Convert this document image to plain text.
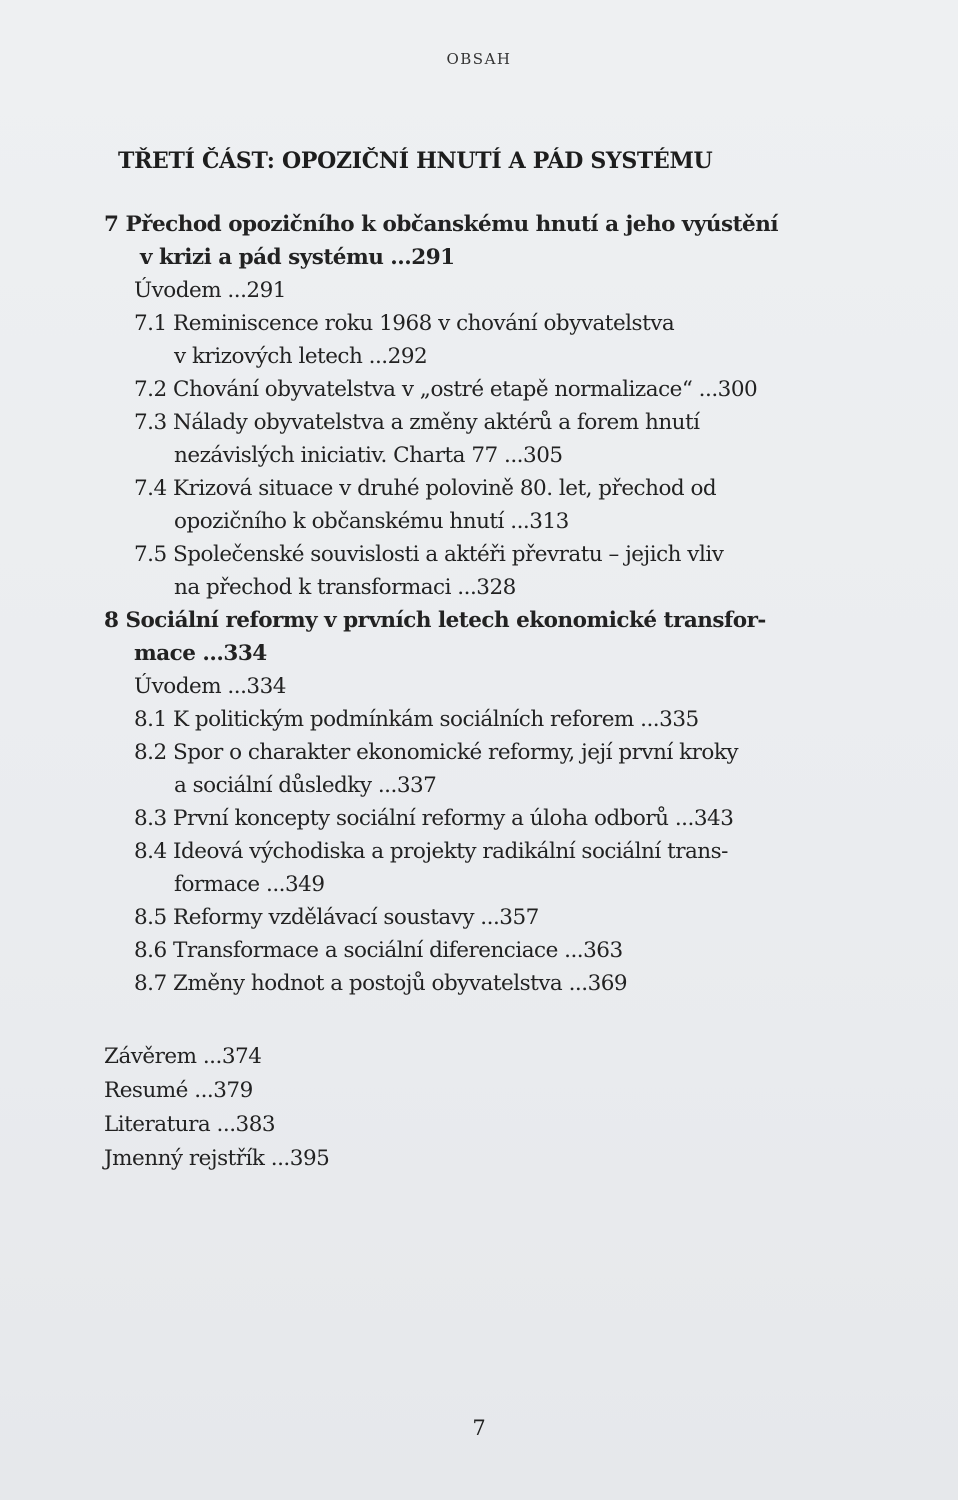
OBSAH
TŘETÍ ČÁST: OPOZIČNÍ HNUTÍ A PÁD SYSTÉMU
7 Přechod opozičního k občanskému hnutí a jeho vyústění
v krizi a pád systému ...291
Úvodem ...291
7.1 Reminiscence roku 1968 v chování obyvatelstva
v krizových letech ...292
7.2 Chování obyvatelstva v „ostré etapě normalizace“ ...300
7.3 Nálady obyvatelstva a změny aktérů a forem hnutí
nezávislých iniciativ. Charta 77 ...305
7.4 Krizová situace v druhé polovině 80. let, přechod od
opozičního k občanskému hnutí ...313
7.5 Společenské souvislosti a aktéři převratu – jejich vliv
na přechod k transformaci ...328
8 Sociální reformy v prvních letech ekonomické transfor-
mace ...334
Úvodem ...334
8.1 K politickým podmínkám sociálních reforem ...335
8.2 Spor o charakter ekonomické reformy, její první kroky
a sociální důsledky ...337
8.3 První koncepty sociální reformy a úloha odborů ...343
8.4 Ideová východiska a projekty radikální sociální trans-
formace ...349
8.5 Reformy vzdělávací soustavy ...357
8.6 Transformace a sociální diferenciace ...363
8.7 Změny hodnot a postojů obyvatelstva ...369
Závěrem ...374
Resumé ...379
Literatura ...383
Jmenný rejstřík ...395
7
